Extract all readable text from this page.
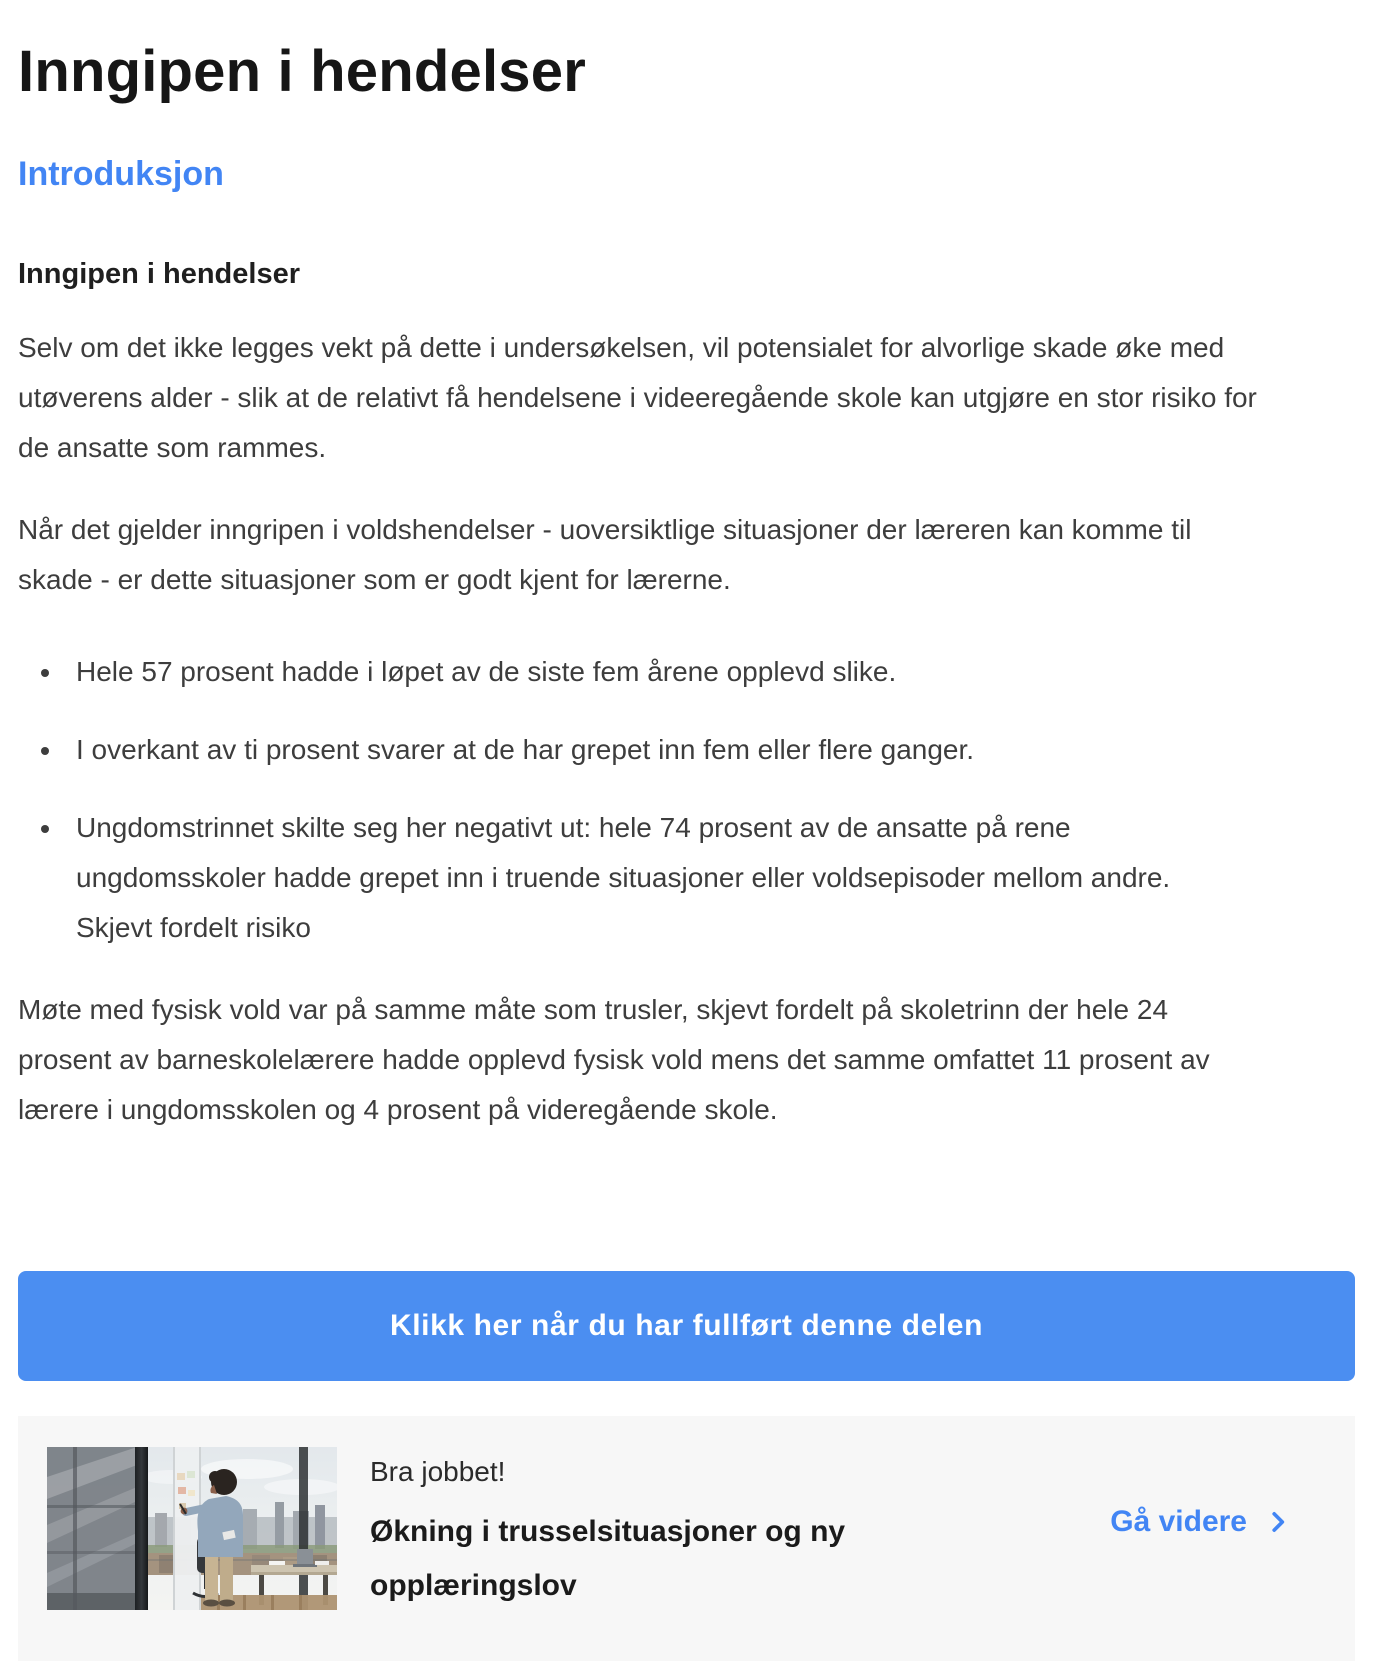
Inngipen i hendelser
Introduksjon
Inngipen i hendelser

Selv om det ikke legges vekt på dette i undersøkelsen, vil potensialet for alvorlige skade øke med utøverens alder - slik at de relativt få hendelsene i videeregående skole kan utgjøre en stor risiko for de ansatte som rammes.

Når det gjelder inngripen i voldshendelser - uoversiktlige situasjoner der læreren kan komme til skade - er dette situasjoner som er godt kjent for lærerne.

• Hele 57 prosent hadde i løpet av de siste fem årene opplevd slike.
• I overkant av ti prosent svarer at de har grepet inn fem eller flere ganger.
• Ungdomstrinnet skilte seg her negativt ut: hele 74 prosent av de ansatte på rene ungdomsskoler hadde grepet inn i truende situasjoner eller voldsepisoder mellom andre.
Skjevt fordelt risiko

Møte med fysisk vold var på samme måte som trusler, skjevt fordelt på skoletrinn der hele 24 prosent av barneskolelærere hadde opplevd fysisk vold mens det samme omfattet 11 prosent av lærere i ungdomsskolen og 4 prosent på videregående skole.

Klikk her når du har fullført denne delen
Bra jobbet!
Økning i trusselsituasjoner og ny opplæringslov
Gå videre
